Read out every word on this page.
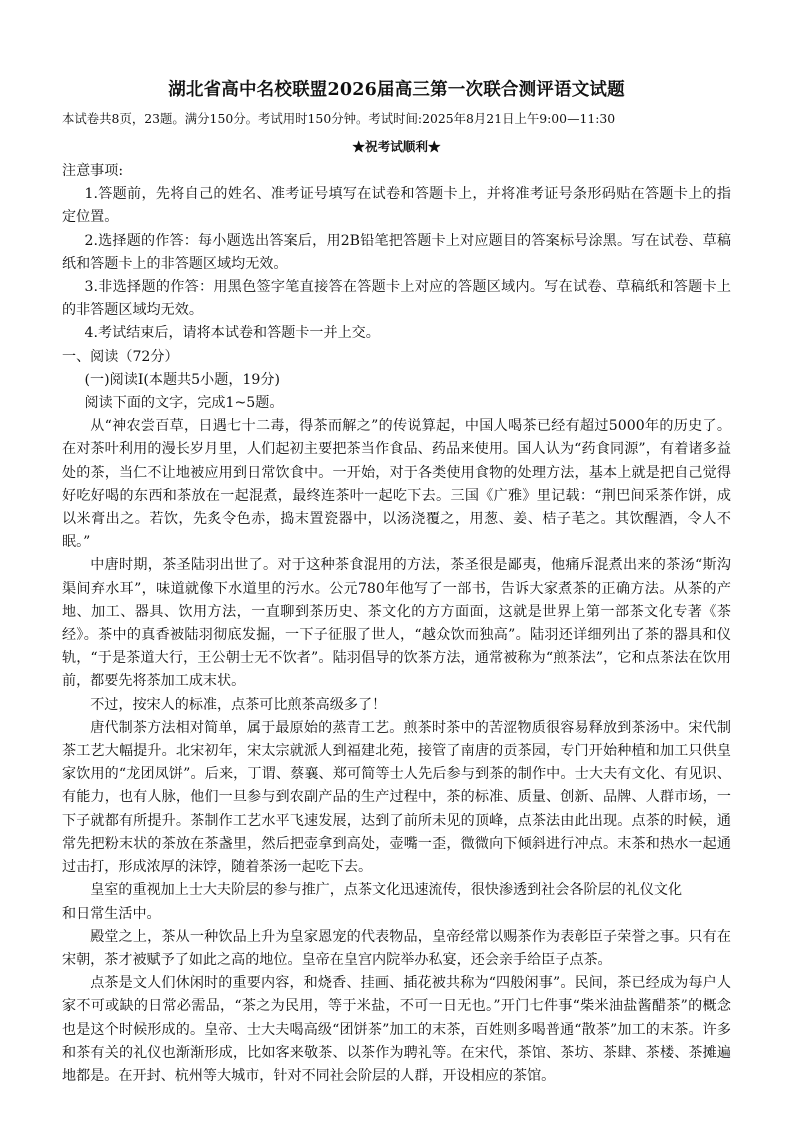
湖北省高中名校联盟2026届高三第一次联合测评语文试题
本试卷共8页，23题。满分150分。考试用时150分钟。考试时间:2025年8月21日上午9:00—11:30
★祝考试顺利★

注意事项:

1.答题前，先将自己的姓名、准考证号填写在试卷和答题卡上，并将准考证号条形码贴在答题卡上的指定位置。

2.选择题的作答：每小题选出答案后，用2B铅笔把答题卡上对应题目的答案标号涂黑。写在试卷、草稿纸和答题卡上的非答题区域均无效。

3.非选择题的作答：用黑色签字笔直接答在答题卡上对应的答题区域内。写在试卷、草稿纸和答题卡上的非答题区域均无效。

4.考试结束后，请将本试卷和答题卡一并上交。

一、阅读（72分）

(一)阅读Ⅰ(本题共5小题，19分)

阅读下面的文字，完成1~5题。

从“神农尝百草，日遇七十二毒，得茶而解之”的传说算起，中国人喝茶已经有超过5000年的历史了。在对茶叶利用的漫长岁月里，人们起初主要把茶当作食品、药品来使用。国人认为“药食同源”，有着诸多益处的茶，当仁不让地被应用到日常饮食中。一开始，对于各类使用食物的处理方法，基本上就是把自己觉得好吃好喝的东西和茶放在一起混煮，最终连茶叶一起吃下去。三国《广雅》里记载：“荆巴间采茶作饼，成以米膏出之。若饮，先炙令色赤，捣末置瓷器中，以汤浇覆之，用葱、姜、桔子芼之。其饮醒酒，令人不眠。”

中唐时期，茶圣陆羽出世了。对于这种茶食混用的方法，茶圣很是鄙夷，他痛斥混煮出来的茶汤“斯沟渠间弃水耳”，味道就像下水道里的污水。公元780年他写了一部书，告诉大家煮茶的正确方法。从茶的产地、加工、器具、饮用方法，一直聊到茶历史、茶文化的方方面面，这就是世界上第一部茶文化专著《茶经》。茶中的真香被陆羽彻底发掘，一下子征服了世人，“越众饮而独高”。陆羽还详细列出了茶的器具和仪轨，“于是茶道大行，王公朝士无不饮者”。陆羽倡导的饮茶方法，通常被称为“煎茶法”，它和点茶法在饮用前，都要先将茶加工成末状。

不过，按宋人的标准，点茶可比煎茶高级多了！

唐代制茶方法相对简单，属于最原始的蒸青工艺。煎茶时茶中的苦涩物质很容易释放到茶汤中。宋代制茶工艺大幅提升。北宋初年，宋太宗就派人到福建北苑，接管了南唐的贡茶园，专门开始种植和加工只供皇家饮用的“龙团凤饼”。后来，丁谓、蔡襄、郑可简等士人先后参与到茶的制作中。士大夫有文化、有见识、有能力，也有人脉，他们一旦参与到农副产品的生产过程中，茶的标准、质量、创新、品牌、人群市场，一下子就都有所提升。茶制作工艺水平飞速发展，达到了前所未见的顶峰，点茶法由此出现。点茶的时候，通常先把粉末状的茶放在茶盏里，然后把壶拿到高处，壶嘴一歪，微微向下倾斜进行冲点。末茶和热水一起通过击打，形成浓厚的沫饽，随着茶汤一起吃下去。

皇室的重视加上士大夫阶层的参与推广，点茶文化迅速流传，很快渗透到社会各阶层的礼仪文化

和日常生活中。

殿堂之上，茶从一种饮品上升为皇家恩宠的代表物品，皇帝经常以赐茶作为表彰臣子荣誉之事。只有在宋朝，茶才被赋予了如此之高的地位。皇帝在皇宫内院举办私宴，还会亲手给臣子点茶。

点茶是文人们休闲时的重要内容，和烧香、挂画、插花被共称为“四般闲事”。民间，茶已经成为每户人家不可或缺的日常必需品，“茶之为民用，等于米盐，不可一日无也。”开门七件事“柴米油盐酱醋茶”的概念也是这个时候形成的。皇帝、士大夫喝高级“团饼茶”加工的末茶，百姓则多喝普通“散茶”加工的末茶。许多和茶有关的礼仪也渐渐形成，比如客来敬茶、以茶作为聘礼等。在宋代，茶馆、茶坊、茶肆、茶楼、茶摊遍地都是。在开封、杭州等大城市，针对不同社会阶层的人群，开设相应的茶馆。
